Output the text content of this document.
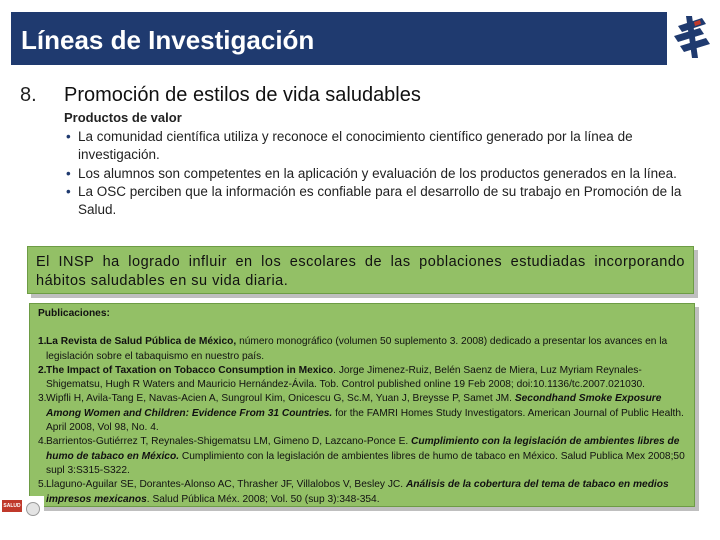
Líneas de Investigación
8. Promoción de estilos de vida saludables
Productos de valor
• La comunidad científica utiliza y reconoce el conocimiento científico generado por la línea de investigación.
• Los alumnos son competentes en la aplicación y evaluación de los productos generados en la línea.
• La OSC perciben que la información es confiable para el desarrollo de su trabajo en Promoción de la Salud.
El INSP ha logrado influir en los escolares de las poblaciones estudiadas incorporando hábitos saludables en su vida diaria.
Publicaciones:
1. La Revista de Salud Pública de México, número monográfico (volumen 50 suplemento 3. 2008) dedicado a presentar los avances en la legislación sobre el tabaquismo en nuestro país.
2. The Impact of Taxation on Tobacco Consumption in Mexico. Jorge Jimenez-Ruiz, Belén Saenz de Miera, Luz Myriam Reynales-Shigematsu, Hugh R Waters and Mauricio Hernández-Ávila. Tob. Control published online 19 Feb 2008; doi:10.1136/tc.2007.021030.
3. Wipfli H, Avila-Tang E, Navas-Acien A, Sungroul Kim, Onicescu G, Sc.M, Yuan J, Breysse P, Samet JM. Secondhand Smoke Exposure Among Women and Children: Evidence From 31 Countries. for the FAMRI Homes Study Investigators. American Journal of Public Health. April 2008, Vol 98, No. 4.
4. Barrientos-Gutiérrez T, Reynales-Shigematsu LM, Gimeno D, Lazcano-Ponce E. Cumplimiento con la legislación de ambientes libres de humo de tabaco en México. Cumplimiento con la legislación de ambientes libres de humo de tabaco en México. Salud Publica Mex 2008;50 supl 3:S315-S322.
5. Llaguno-Aguilar SE, Dorantes-Alonso AC, Thrasher JF, Villalobos V, Besley JC. Análisis de la cobertura del tema de tabaco en medios impresos mexicanos. Salud Pública Méx. 2008; Vol. 50 (sup 3):348-354.
SALUD
